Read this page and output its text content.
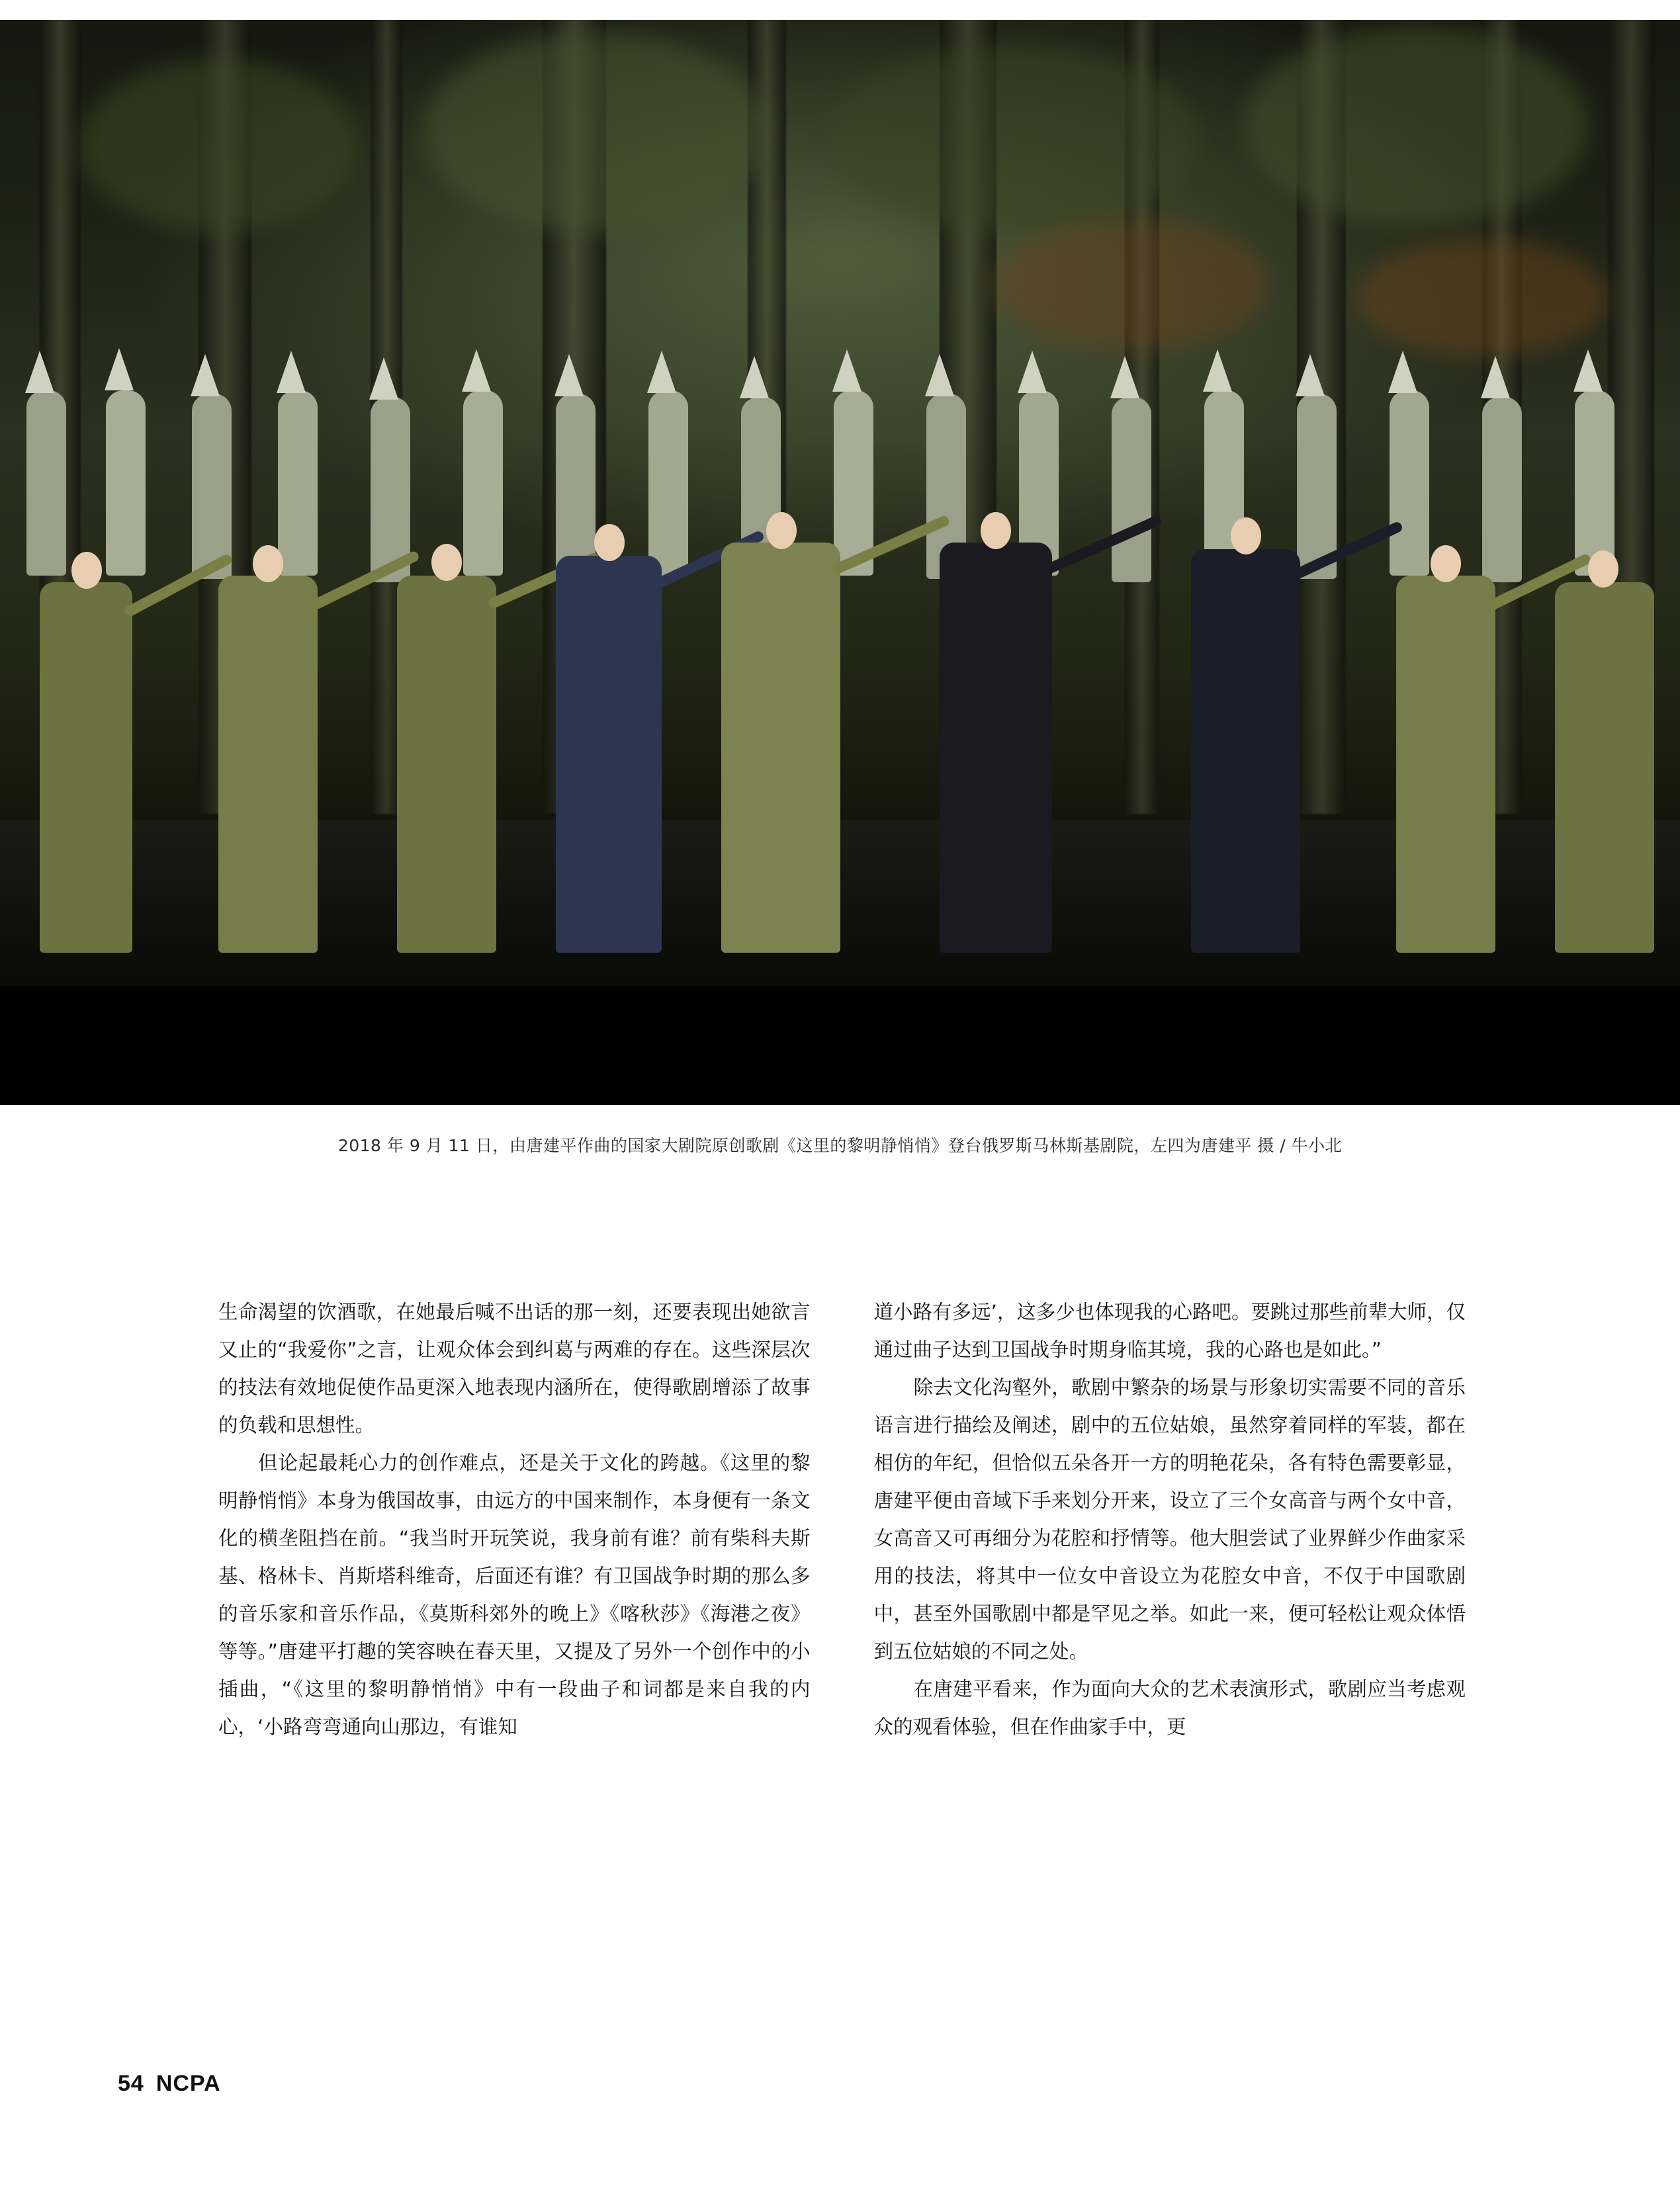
2018 年 9 月 11 日，由唐建平作曲的国家大剧院原创歌剧《这里的黎明静悄悄》登台俄罗斯马林斯基剧院，左四为唐建平 摄 / 牛小北

生命渴望的饮酒歌，在她最后喊不出话的那一刻，还要表现出她欲言又止的“我爱你”之言，让观众体会到纠葛与两难的存在。这些深层次的技法有效地促使作品更深入地表现内涵所在，使得歌剧增添了故事的负载和思想性。

但论起最耗心力的创作难点，还是关于文化的跨越。《这里的黎明静悄悄》本身为俄国故事，由远方的中国来制作，本身便有一条文化的横垄阻挡在前。“我当时开玩笑说，我身前有谁？前有柴科夫斯基、格林卡、肖斯塔科维奇，后面还有谁？有卫国战争时期的那么多的音乐家和音乐作品，《莫斯科郊外的晚上》《喀秋莎》《海港之夜》等等。”唐建平打趣的笑容映在春天里，又提及了另外一个创作中的小插曲，“《这里的黎明静悄悄》中有一段曲子和词都是来自我的内心，‘小路弯弯通向山那边，有谁知

道小路有多远’，这多少也体现我的心路吧。要跳过那些前辈大师，仅通过曲子达到卫国战争时期身临其境，我的心路也是如此。”

除去文化沟壑外，歌剧中繁杂的场景与形象切实需要不同的音乐语言进行描绘及阐述，剧中的五位姑娘，虽然穿着同样的军装，都在相仿的年纪，但恰似五朵各开一方的明艳花朵，各有特色需要彰显，唐建平便由音域下手来划分开来，设立了三个女高音与两个女中音，女高音又可再细分为花腔和抒情等。他大胆尝试了业界鲜少作曲家采用的技法，将其中一位女中音设立为花腔女中音，不仅于中国歌剧中，甚至外国歌剧中都是罕见之举。如此一来，便可轻松让观众体悟到五位姑娘的不同之处。

在唐建平看来，作为面向大众的艺术表演形式，歌剧应当考虑观众的观看体验，但在作曲家手中，更

54 NCPA
